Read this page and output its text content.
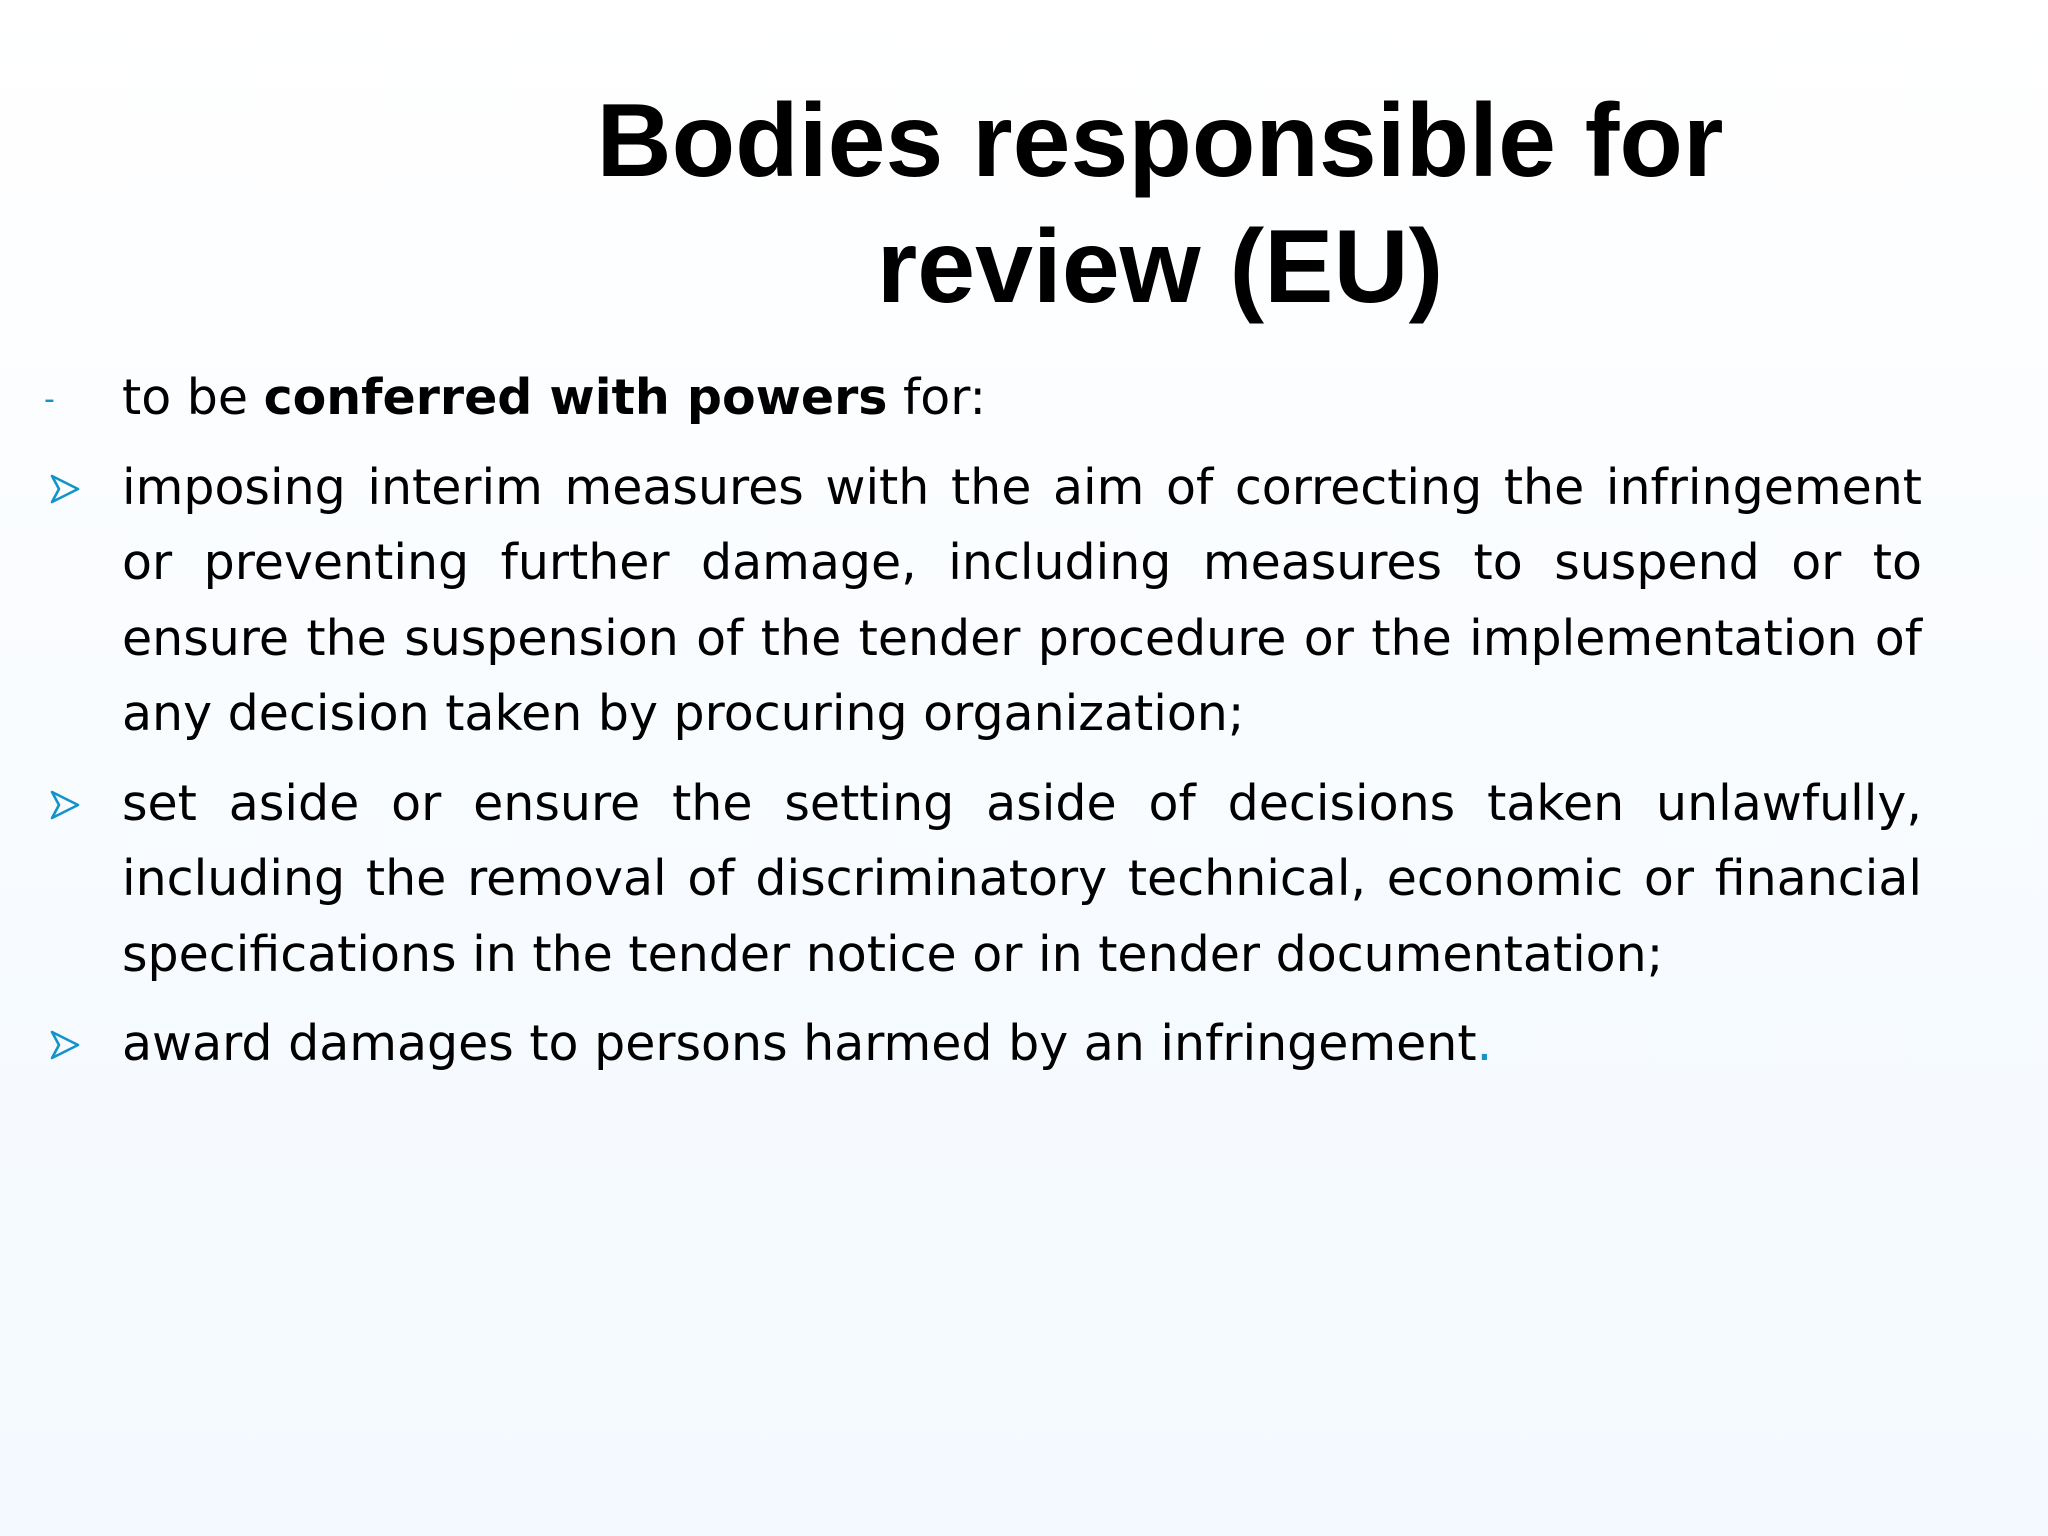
Bodies responsible for
review (EU)
-	to be conferred with powers for:
imposing interim measures with the aim of correcting the infringement or preventing further damage, including measures to suspend or to ensure the suspension of the tender procedure or the implementation of any decision taken by procuring organization;
set aside or ensure the setting aside of decisions taken unlawfully, including the removal of discriminatory technical, economic or financial specifications in the tender notice or in tender documentation;
award damages to persons harmed by an infringement.
